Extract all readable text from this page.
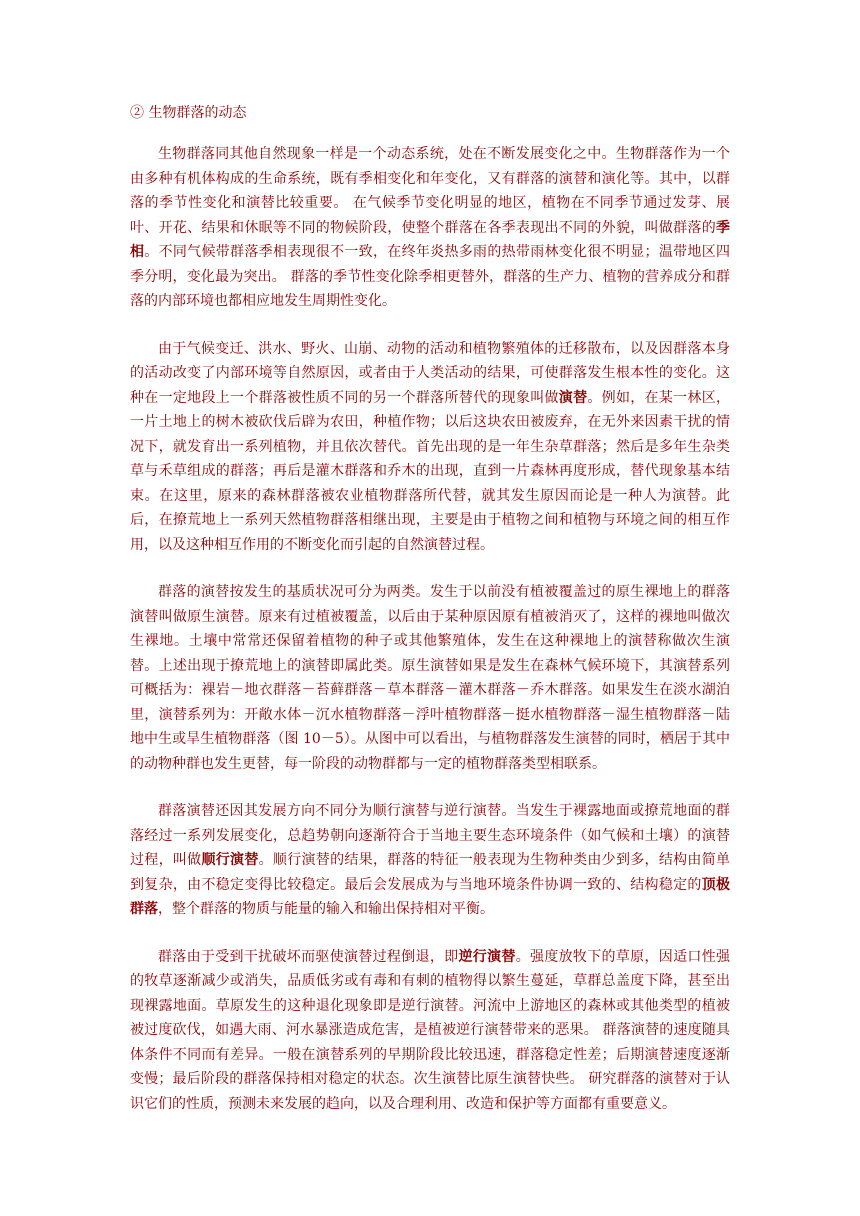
② 生物群落的动态

生物群落同其他自然现象一样是一个动态系统，处在不断发展变化之中。生物群落作为一个由多种有机体构成的生命系统，既有季相变化和年变化，又有群落的演替和演化等。其中，以群落的季节性变化和演替比较重要。 在气候季节变化明显的地区，植物在不同季节通过发芽、展叶、开花、结果和休眠等不同的物候阶段，使整个群落在各季表现出不同的外貌，叫做群落的季相。不同气候带群落季相表现很不一致，在终年炎热多雨的热带雨林变化很不明显；温带地区四季分明，变化最为突出。 群落的季节性变化除季相更替外，群落的生产力、植物的营养成分和群落的内部环境也都相应地发生周期性变化。

由于气候变迁、洪水、野火、山崩、动物的活动和植物繁殖体的迁移散布，以及因群落本身的活动改变了内部环境等自然原因，或者由于人类活动的结果，可使群落发生根本性的变化。这种在一定地段上一个群落被性质不同的另一个群落所替代的现象叫做演替。例如，在某一林区，一片土地上的树木被砍伐后辟为农田，种植作物；以后这块农田被废弃，在无外来因素干扰的情况下，就发育出一系列植物，并且依次替代。首先出现的是一年生杂草群落；然后是多年生杂类草与禾草组成的群落；再后是灌木群落和乔木的出现，直到一片森林再度形成，替代现象基本结束。在这里，原来的森林群落被农业植物群落所代替，就其发生原因而论是一种人为演替。此后，在撩荒地上一系列天然植物群落相继出现，主要是由于植物之间和植物与环境之间的相互作用，以及这种相互作用的不断变化而引起的自然演替过程。

群落的演替按发生的基质状况可分为两类。发生于以前没有植被覆盖过的原生裸地上的群落演替叫做原生演替。原来有过植被覆盖，以后由于某种原因原有植被消灭了，这样的裸地叫做次生裸地。土壤中常常还保留着植物的种子或其他繁殖体，发生在这种裸地上的演替称做次生演替。上述出现于撩荒地上的演替即属此类。原生演替如果是发生在森林气候环境下，其演替系列可概括为：裸岩－地衣群落－苔藓群落－草本群落－灌木群落－乔木群落。如果发生在淡水湖泊里，演替系列为：开敞水体－沉水植物群落－浮叶植物群落－挺水植物群落－湿生植物群落－陆地中生或旱生植物群落（图 10－5）。从图中可以看出，与植物群落发生演替的同时，栖居于其中的动物种群也发生更替，每一阶段的动物群都与一定的植物群落类型相联系。

群落演替还因其发展方向不同分为顺行演替与逆行演替。当发生于裸露地面或撩荒地面的群落经过一系列发展变化，总趋势朝向逐渐符合于当地主要生态环境条件（如气候和土壤）的演替过程，叫做顺行演替。顺行演替的结果，群落的特征一般表现为生物种类由少到多，结构由简单到复杂，由不稳定变得比较稳定。最后会发展成为与当地环境条件协调一致的、结构稳定的顶极群落，整个群落的物质与能量的输入和输出保持相对平衡。

群落由于受到干扰破坏而驱使演替过程倒退，即逆行演替。强度放牧下的草原，因适口性强的牧草逐渐减少或消失，品质低劣或有毒和有刺的植物得以繁生蔓延，草群总盖度下降，甚至出现裸露地面。草原发生的这种退化现象即是逆行演替。河流中上游地区的森林或其他类型的植被被过度砍伐，如遇大雨、河水暴涨造成危害，是植被逆行演替带来的恶果。 群落演替的速度随具体条件不同而有差异。一般在演替系列的早期阶段比较迅速，群落稳定性差；后期演替速度逐渐变慢；最后阶段的群落保持相对稳定的状态。次生演替比原生演替快些。 研究群落的演替对于认识它们的性质，预测未来发展的趋向，以及合理利用、改造和保护等方面都有重要意义。
